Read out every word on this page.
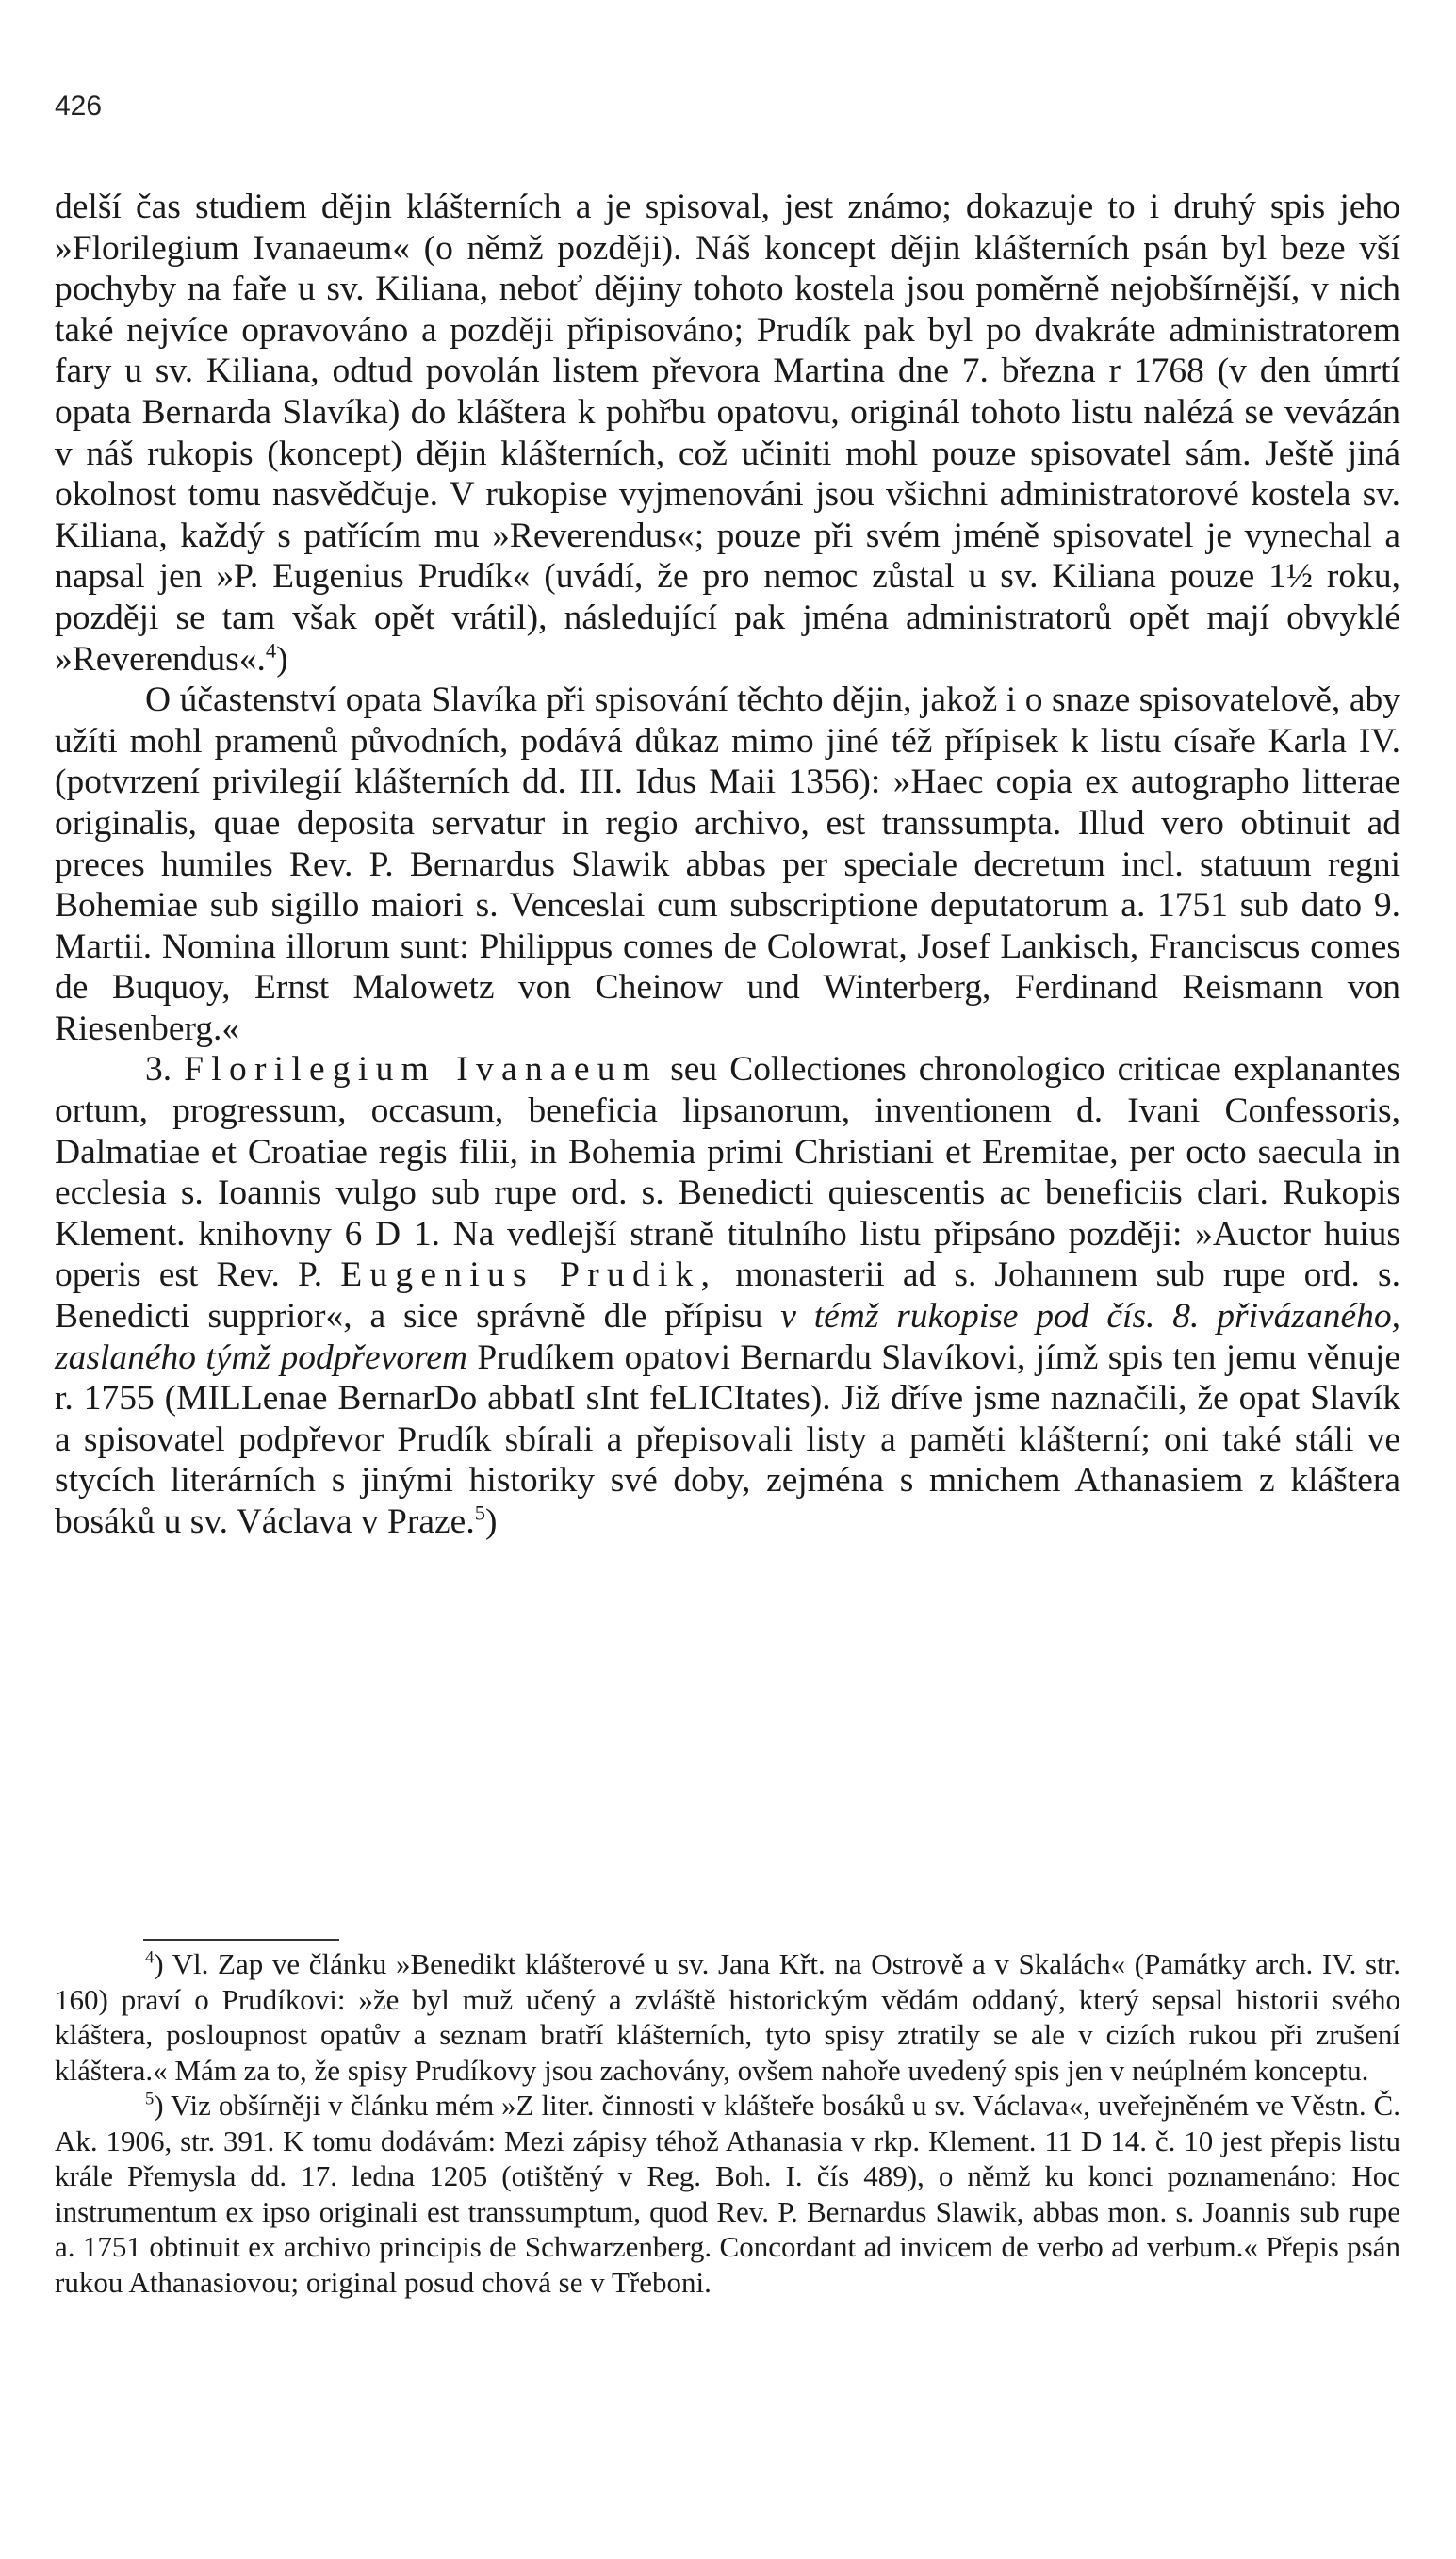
426

delší čas studiem dějin klášterních a je spisoval, jest známo; dokazuje to i druhý spis jeho »Florilegium Ivanaeum« (o němž později). Náš koncept dějin klášterních psán byl beze vší pochyby na faře u sv. Kiliana, neboť dějiny tohoto kostela jsou poměrně nejobšírnější, v nich také nejvíce opravováno a později připisováno; Prudík pak byl po dvakráte administratorem fary u sv. Kiliana, odtud povolán listem převora Martina dne 7. března r 1768 (v den úmrtí opata Bernarda Slavíka) do kláštera k pohřbu opatovu, originál tohoto listu nalézá se vevázán v náš rukopis (koncept) dějin klášterních, což učiniti mohl pouze spisovatel sám. Ještě jiná okolnost tomu nasvědčuje. V rukopise vyjmenováni jsou všichni administratorové kostela sv. Kiliana, každý s patřícím mu »Reverendus«; pouze při svém jméně spisovatel je vynechal a napsal jen »P. Eugenius Prudík« (uvádí, že pro nemoc zůstal u sv. Kiliana pouze 1½ roku, později se tam však opět vrátil), následující pak jména administratorů opět mají obvyklé »Reverendus«.$^4$)

O účastenství opata Slavíka při spisování těchto dějin, jakož i o snaze spisovatelově, aby užíti mohl pramenů původních, podává důkaz mimo jiné též přípisek k listu císaře Karla IV. (potvrzení privilegií klášterních dd. III. Idus Maii 1356): »Haec copia ex autographo litterae originalis, quae deposita servatur in regio archivo, est transsumpta. Illud vero obtinuit ad preces humiles Rev. P. Bernardus Slawik abbas per speciale decretum incl. statuum regni Bohemiae sub sigillo maiori s. Venceslai cum subscriptione deputatorum a. 1751 sub dato 9. Martii. Nomina illorum sunt: Philippus comes de Colowrat, Josef Lankisch, Franciscus comes de Buquoy, Ernst Malowetz von Cheinow und Winterberg, Ferdinand Reismann von Riesenberg.«

3. Florilegium Ivanaeum seu Collectiones chronologico criticae explanantes ortum, progressum, occasum, beneficia lipsanorum, inventionem d. Ivani Confessoris, Dalmatiae et Croatiae regis filii, in Bohemia primi Christiani et Eremitae, per octo saecula in ecclesia s. Ioannis vulgo sub rupe ord. s. Benedicti quiescentis ac beneficiis clari. Rukopis Klement. knihovny 6 D 1. Na vedlejší straně titulního listu připsáno později: »Auctor huius operis est Rev. P. Eugenius Prudik, monasterii ad s. Johannem sub rupe ord. s. Benedicti supprior«, a sice správně dle přípisu v témž rukopise pod čís. 8. přivázaného, zaslaného týmž podpřevorem Prudíkem opatovi Bernardu Slavíkovi, jímž spis ten jemu věnuje r. 1755 (MILLenae BernarDo abbatI sInt feLICItates). Již dříve jsme naznačili, že opat Slavík a spisovatel podpřevor Prudík sbírali a přepisovali listy a paměti klášterní; oni také stáli ve stycích literárních s jinými historiky své doby, zejména s mnichem Athanasiem z kláštera bosáků u sv. Václava v Praze.$^5$)

$^4$) Vl. Zap ve článku »Benedikt klášterové u sv. Jana Křt. na Ostrově a v Skalách« (Památky arch. IV. str. 160) praví o Prudíkovi: »že byl muž učený a zvláště historickým vědám oddaný, který sepsal historii svého kláštera, posloupnost opatův a seznam bratří klášterních, tyto spisy ztratily se ale v cizích rukou při zrušení kláštera.« Mám za to, že spisy Prudíkovy jsou zachovány, ovšem nahoře uvedený spis jen v neúplném konceptu.

$^5$) Viz obšírněji v článku mém »Z liter. činnosti v klášteře bosáků u sv. Václava«, uveřejněném ve Věstn. Č. Ak. 1906, str. 391. K tomu dodávám: Mezi zápisy téhož Athanasia v rkp. Klement. 11 D 14. č. 10 jest přepis listu krále Přemysla dd. 17. ledna 1205 (otištěný v Reg. Boh. I. čís 489), o němž ku konci poznamenáno: Hoc instrumentum ex ipso originali est transsumptum, quod Rev. P. Bernardus Slawik, abbas mon. s. Joannis sub rupe a. 1751 obtinuit ex archivo principis de Schwarzenberg. Concordant ad invicem de verbo ad verbum.« Přepis psán rukou Athanasiovou; original posud chová se v Třeboni.
